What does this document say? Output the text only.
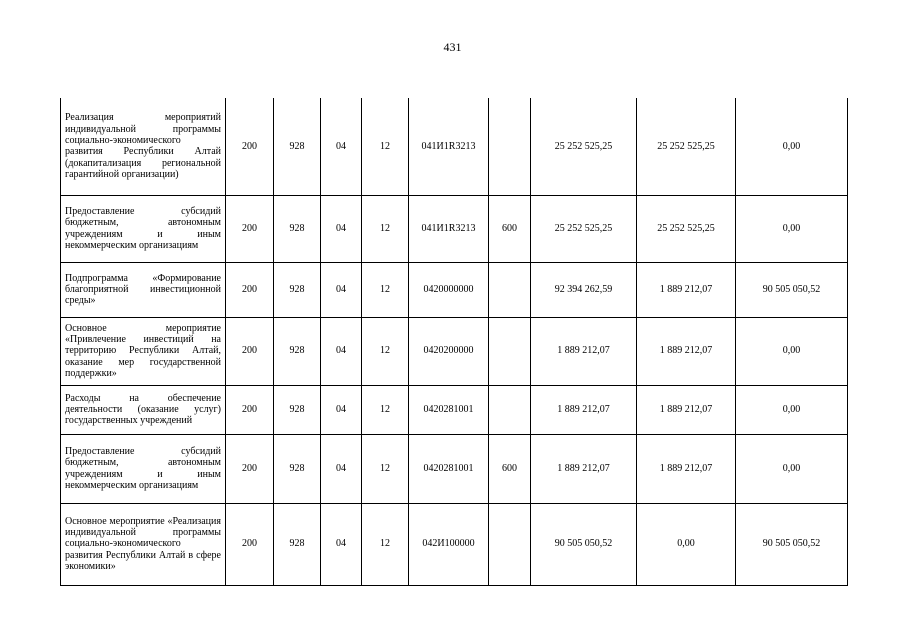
431
Реализация мероприятий индивидуальной программы социально-экономического развития Республики Алтай (докапитализация региональной гарантийной организации)	200	928	04	12	041И1R3213		25 252 525,25	25 252 525,25	0,00
Предоставление субсидий бюджетным, автономным учреждениям и иным некоммерческим организациям	200	928	04	12	041И1R3213	600	25 252 525,25	25 252 525,25	0,00
Подпрограмма «Формирование благоприятной инвестиционной среды»	200	928	04	12	0420000000		92 394 262,59	1 889 212,07	90 505 050,52
Основное мероприятие «Привлечение инвестиций на территорию Республики Алтай, оказание мер государственной поддержки»	200	928	04	12	0420200000		1 889 212,07	1 889 212,07	0,00
Расходы на обеспечение деятельности (оказание услуг) государственных учреждений	200	928	04	12	0420281001		1 889 212,07	1 889 212,07	0,00
Предоставление субсидий бюджетным, автономным учреждениям и иным некоммерческим организациям	200	928	04	12	0420281001	600	1 889 212,07	1 889 212,07	0,00
Основное мероприятие «Реализация индивидуальной программы социально-экономического развития Республики Алтай в сфере экономики»	200	928	04	12	042И100000		90 505 050,52	0,00	90 505 050,52
